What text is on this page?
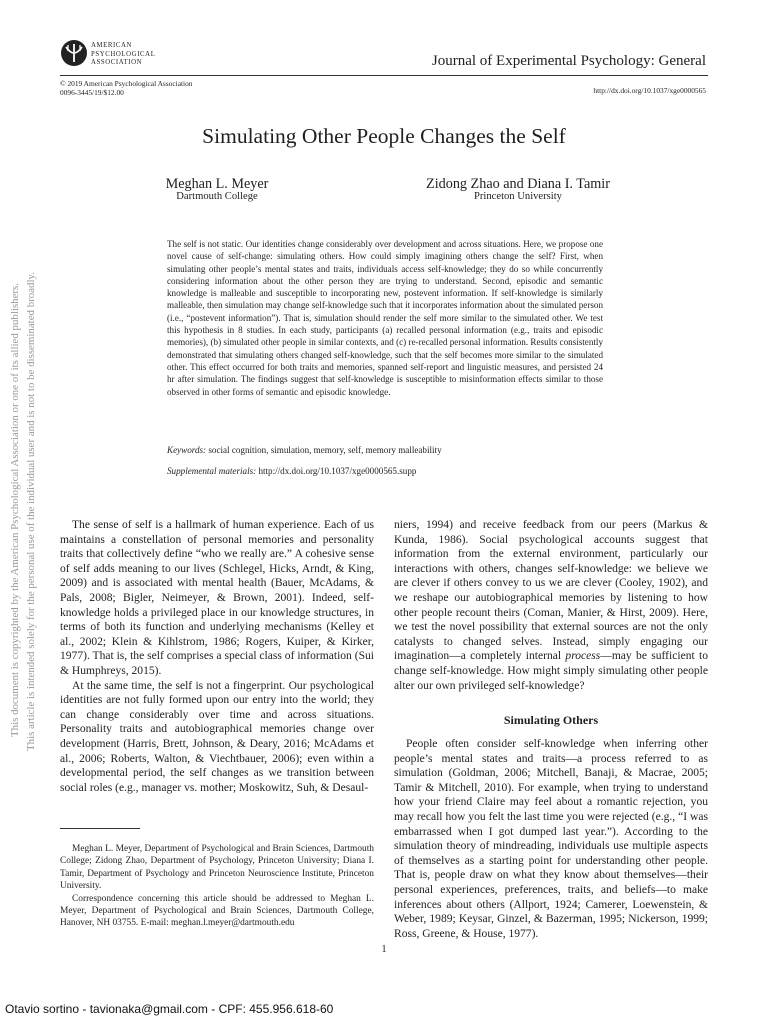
AMERICAN
PSYCHOLOGICAL
ASSOCIATION	Journal of Experimental Psychology: General
© 2019 American Psychological Association
0096-3445/19/$12.00	http://dx.doi.org/10.1037/xge0000565
Simulating Other People Changes the Self
Meghan L. Meyer
Dartmouth College
Zidong Zhao and Diana I. Tamir
Princeton University

The self is not static. Our identities change considerably over development and across situations. Here, we propose one novel cause of self-change: simulating others. How could simply imagining others change the self? First, when simulating other people’s mental states and traits, individuals access self-knowledge; they do so while concurrently considering information about the other person they are trying to understand. Second, episodic and semantic knowledge is malleable and susceptible to incorporating new, postevent information. If self-knowledge is similarly malleable, then simulation may change self-knowledge such that it incorporates information about the simulated person (i.e., “postevent information”). That is, simulation should render the self more similar to the simulated other. We test this hypothesis in 8 studies. In each study, participants (a) recalled personal information (e.g., traits and episodic memories), (b) simulated other people in similar contexts, and (c) re-recalled personal information. Results consistently demonstrated that simulating others changed self-knowledge, such that the self becomes more similar to the simulated other. This effect occurred for both traits and memories, spanned self-report and linguistic measures, and persisted 24 hr after simulation. The findings suggest that self-knowledge is susceptible to misinformation effects similar to those observed in other forms of semantic and episodic knowledge.

Keywords: social cognition, simulation, memory, self, memory malleability
Supplemental materials: http://dx.doi.org/10.1037/xge0000565.supp

The sense of self is a hallmark of human experience. Each of us maintains a constellation of personal memories and personality traits that collectively define “who we really are.” A cohesive sense of self adds meaning to our lives (Schlegel, Hicks, Arndt, & King, 2009) and is associated with mental health (Bauer, McAdams, & Pals, 2008; Bigler, Neimeyer, & Brown, 2001). Indeed, self-knowledge holds a privileged place in our knowledge structures, in terms of both its function and underlying mechanisms (Kelley et al., 2002; Klein & Kihlstrom, 1986; Rogers, Kuiper, & Kirker, 1977). That is, the self comprises a special class of information (Sui & Humphreys, 2015).

At the same time, the self is not a fingerprint. Our psychological identities are not fully formed upon our entry into the world; they can change considerably over time and across situations. Personality traits and autobiographical memories change over development (Harris, Brett, Johnson, & Deary, 2016; McAdams et al., 2006; Roberts, Walton, & Viechtbauer, 2006); even within a developmental period, the self changes as we transition between social roles (e.g., manager vs. mother; Moskowitz, Suh, & Desaul-

niers, 1994) and receive feedback from our peers (Markus & Kunda, 1986). Social psychological accounts suggest that information from the external environment, particularly our interactions with others, changes self-knowledge: we believe we are clever if others convey to us we are clever (Cooley, 1902), and we reshape our autobiographical memories by listening to how other people recount theirs (Coman, Manier, & Hirst, 2009). Here, we test the novel possibility that external sources are not the only catalysts to changed selves. Instead, simply engaging our imagination—a completely internal process—may be sufficient to change self-knowledge. How might simply simulating other people alter our own privileged self-knowledge?

Simulating Others

People often consider self-knowledge when inferring other people’s mental states and traits—a process referred to as simulation (Goldman, 2006; Mitchell, Banaji, & Macrae, 2005; Tamir & Mitchell, 2010). For example, when trying to understand how your friend Claire may feel about a romantic rejection, you may recall how you felt the last time you were rejected (e.g., “I was embarrassed when I got dumped last year.”). According to the simulation theory of mindreading, individuals use multiple aspects of themselves as a starting point for understanding other people. That is, people draw on what they know about themselves—their personal experiences, preferences, traits, and beliefs—to make inferences about others (Allport, 1924; Camerer, Loewenstein, & Weber, 1989; Keysar, Ginzel, & Bazerman, 1995; Nickerson, 1999; Ross, Greene, & House, 1977).

Meghan L. Meyer, Department of Psychological and Brain Sciences, Dartmouth College; Zidong Zhao, Department of Psychology, Princeton University; Diana I. Tamir, Department of Psychology and Princeton Neuroscience Institute, Princeton University.

Correspondence concerning this article should be addressed to Meghan L. Meyer, Department of Psychological and Brain Sciences, Dartmouth College, Hanover, NH 03755. E-mail: meghan.l.meyer@dartmouth.edu

1
This document is copyrighted by the American Psychological Association or one of its allied publishers. This article is intended solely for the personal use of the individual user and is not to be disseminated broadly.
Otavio sortino - tavionaka@gmail.com - CPF: 455.956.618-60
